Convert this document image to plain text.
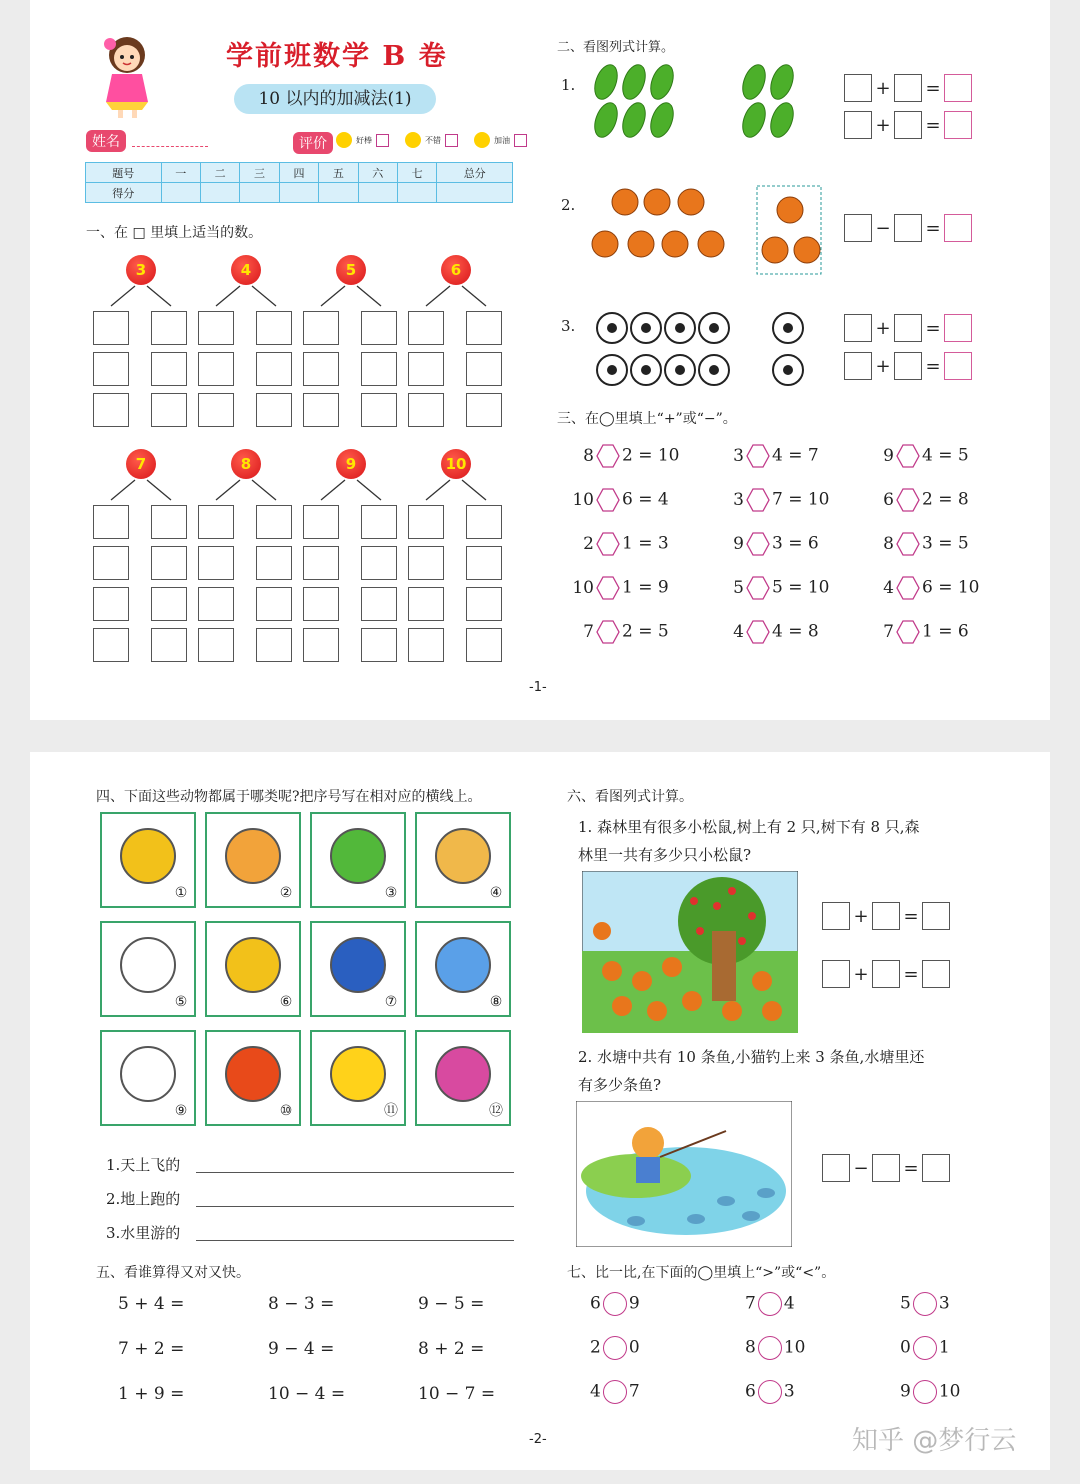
学前班数学 B 卷
10 以内的加减法(1)
姓名	评价	好棒	不错	加油
题号	一	二	三	四	五	六	七	总分
得分								
一、在 □ 里填上适当的数。
3	4	5	6
7	8	9	10
二、看图列式计算。
1.	+ =
+ =
2.
− =
3.	+ =
+ =
三、在◯里填上“+”或“−”。
8 2 = 10	3 4 = 7	9 4 = 5
10 6 = 4	3 7 = 10	6 2 = 8
2 1 = 3	9 3 = 6	8 3 = 5
10 1 = 9	5 5 = 10	4 6 = 10
7 2 = 5	4 4 = 8	7 1 = 6
-1-
四、下面这些动物都属于哪类呢?把序号写在相对应的横线上。
①	②	③	④
⑤	⑥	⑦	⑧
⑨	⑩	⑪	⑫
1.天上飞的
2.地上跑的
3.水里游的
五、看谁算得又对又快。
5 + 4 =	8 − 3 =	9 − 5 =
7 + 2 =	9 − 4 =	8 + 2 =
1 + 9 =	10 − 4 =	10 − 7 =
六、看图列式计算。
1. 森林里有很多小松鼠,树上有 2 只,树下有 8 只,森
林里一共有多少只小松鼠?
+ =
+ =
2. 水塘中共有 10 条鱼,小猫钓上来 3 条鱼,水塘里还
有多少条鱼?
− =
七、比一比,在下面的◯里填上“>”或“<”。
6 9	7 4	5 3
2 0	8 10	0 1
4 7	6 3	9 10
-2-	知乎 @梦行云
